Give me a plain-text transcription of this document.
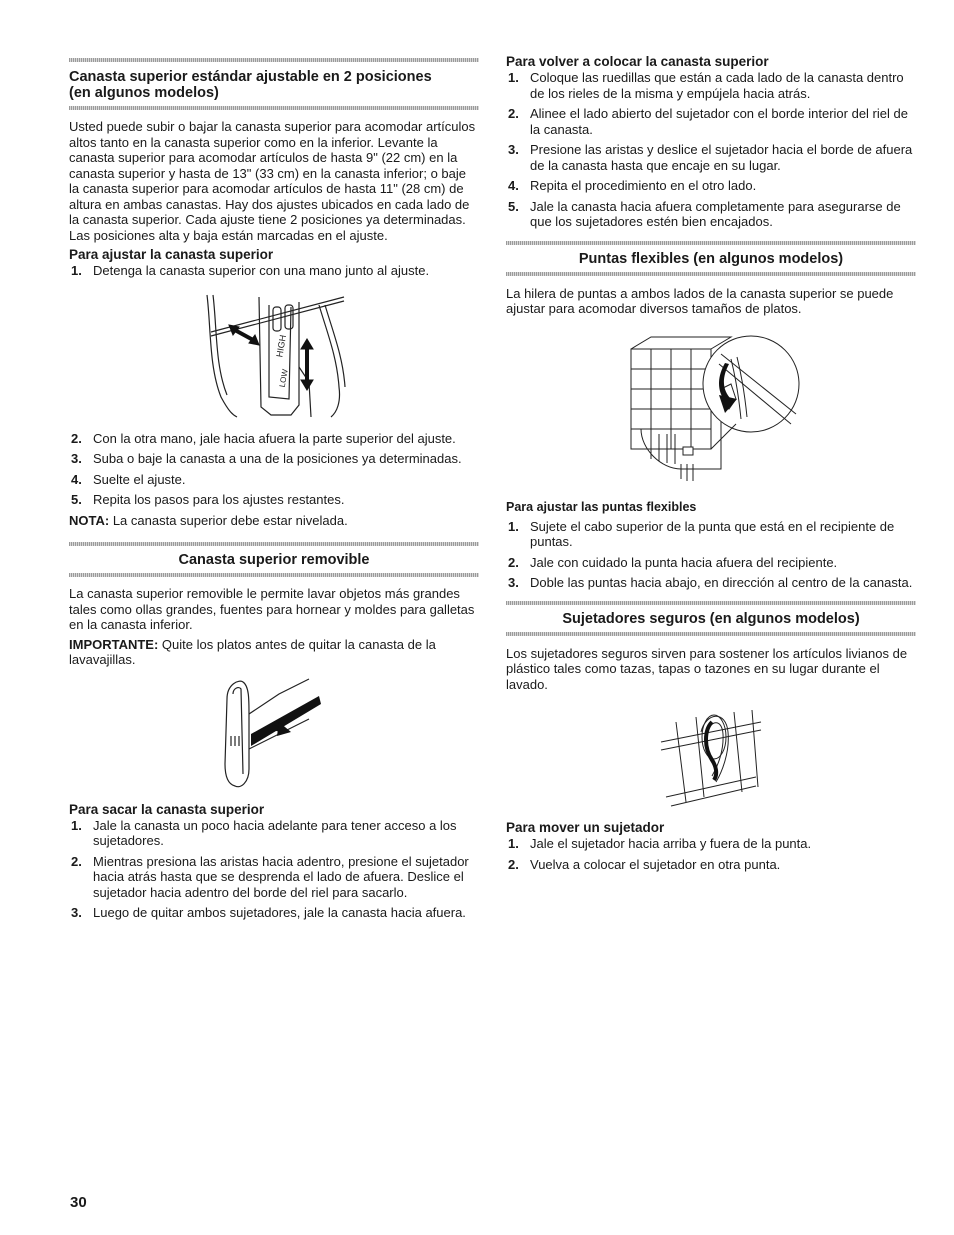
Canasta superior estándar ajustable en 2 posiciones
(en algunos modelos)

Usted puede subir o bajar la canasta superior para acomodar artículos altos tanto en la canasta superior como en la inferior. Levante la canasta superior para acomodar artículos de hasta 9" (22 cm) en la canasta superior y hasta de 13" (33 cm) en la canasta inferior; o baje la canasta superior para acomodar artículos de hasta 11" (28 cm) de altura en ambas canastas. Hay dos ajustes ubicados en cada lado de la canasta superior. Cada ajuste tiene 2 posiciones ya determinadas. Las posiciones alta y baja están marcadas en el ajuste.

Para ajustar la canasta superior
1. Detenga la canasta superior con una mano junto al ajuste.
HIGH
LOW
2. Con la otra mano, jale hacia afuera la parte superior del ajuste.
3. Suba o baje la canasta a una de la posiciones ya determinadas.
4. Suelte el ajuste.
5. Repita los pasos para los ajustes restantes.

NOTA: La canasta superior debe estar nivelada.

Canasta superior removible

La canasta superior removible le permite lavar objetos más grandes tales como ollas grandes, fuentes para hornear y moldes para galletas en la canasta inferior.

IMPORTANTE: Quite los platos antes de quitar la canasta de la lavavajillas.

Para sacar la canasta superior
1. Jale la canasta un poco hacia adelante para tener acceso a los sujetadores.
2. Mientras presiona las aristas hacia adentro, presione el sujetador hacia atrás hasta que se desprenda el lado de afuera. Deslice el sujetador hacia adentro del borde del riel para sacarlo.
3. Luego de quitar ambos sujetadores, jale la canasta hacia afuera.
Para volver a colocar la canasta superior
1. Coloque las ruedillas que están a cada lado de la canasta dentro de los rieles de la misma y empújela hacia atrás.
2. Alinee el lado abierto del sujetador con el borde interior del riel de la canasta.
3. Presione las aristas y deslice el sujetador hacia el borde de afuera de la canasta hasta que encaje en su lugar.
4. Repita el procedimiento en el otro lado.
5. Jale la canasta hacia afuera completamente para asegurarse de que los sujetadores estén bien encajados.
Puntas flexibles (en algunos modelos)

La hilera de puntas a ambos lados de la canasta superior se puede ajustar para acomodar diversos tamaños de platos.

Para ajustar las puntas flexibles
1. Sujete el cabo superior de la punta que está en el recipiente de puntas.
2. Jale con cuidado la punta hacia afuera del recipiente.
3. Doble las puntas hacia abajo, en dirección al centro de la canasta.
Sujetadores seguros (en algunos modelos)

Los sujetadores seguros sirven para sostener los artículos livianos de plástico tales como tazas, tapas o tazones en su lugar durante el lavado.

Para mover un sujetador
1. Jale el sujetador hacia arriba y fuera de la punta.
2. Vuelva a colocar el sujetador en otra punta.
30
